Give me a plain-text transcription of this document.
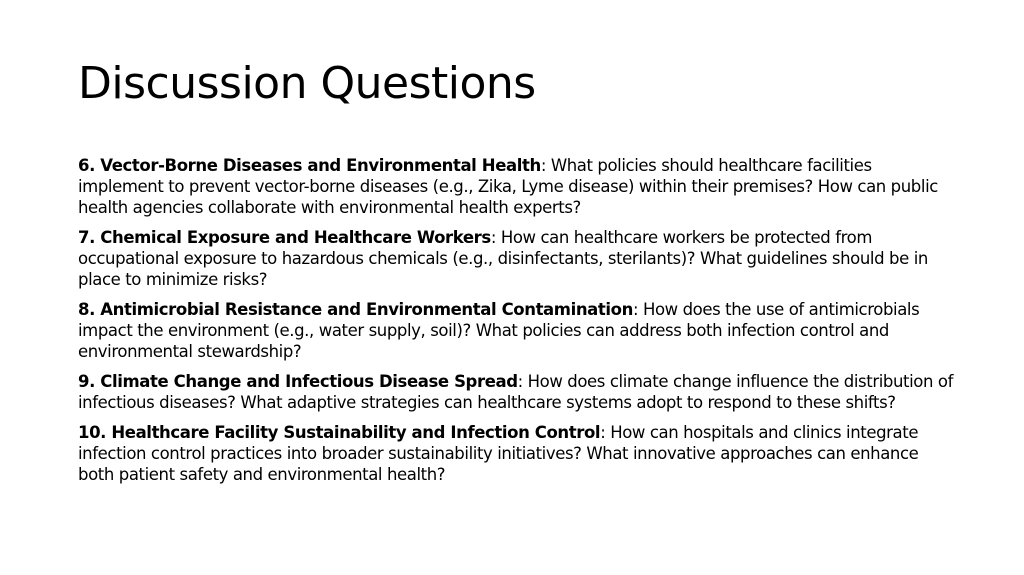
Discussion Questions
6. Vector-Borne Diseases and Environmental Health: What policies should healthcare facilities implement to prevent vector-borne diseases (e.g., Zika, Lyme disease) within their premises? How can public health agencies collaborate with environmental health experts?
7. Chemical Exposure and Healthcare Workers: How can healthcare workers be protected from occupational exposure to hazardous chemicals (e.g., disinfectants, sterilants)? What guidelines should be in place to minimize risks?
8. Antimicrobial Resistance and Environmental Contamination: How does the use of antimicrobials impact the environment (e.g., water supply, soil)? What policies can address both infection control and environmental stewardship?
9. Climate Change and Infectious Disease Spread: How does climate change influence the distribution of infectious diseases? What adaptive strategies can healthcare systems adopt to respond to these shifts?
10. Healthcare Facility Sustainability and Infection Control: How can hospitals and clinics integrate infection control practices into broader sustainability initiatives? What innovative approaches can enhance both patient safety and environmental health?
